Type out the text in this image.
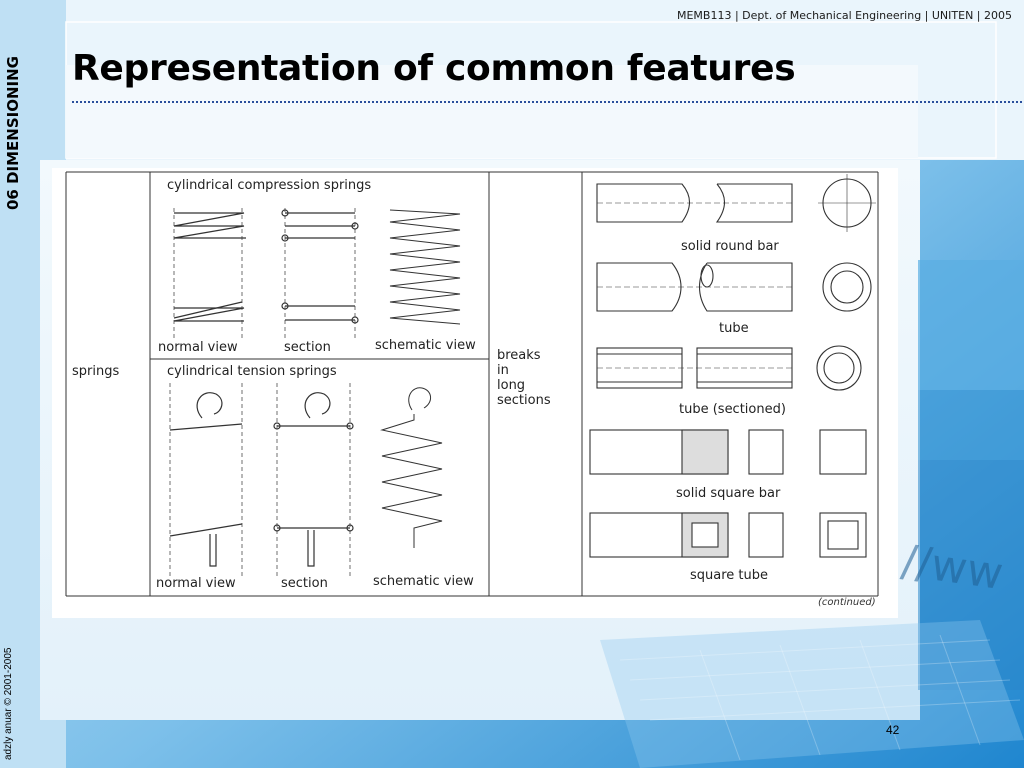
//ww
MEMB113 | Dept. of Mechanical Engineering | UNITEN | 2005
Representation of common features
06 DIMENSIONING
springs
cylindrical compression springs
normal view	section	schematic view
cylindrical tension springs
normal view	section	schematic view
breaks
in
long
sections
solid round bar
tube
tube (sectioned)
solid square bar
square tube
(continued)
adzly anuar © 2001-2005	42
